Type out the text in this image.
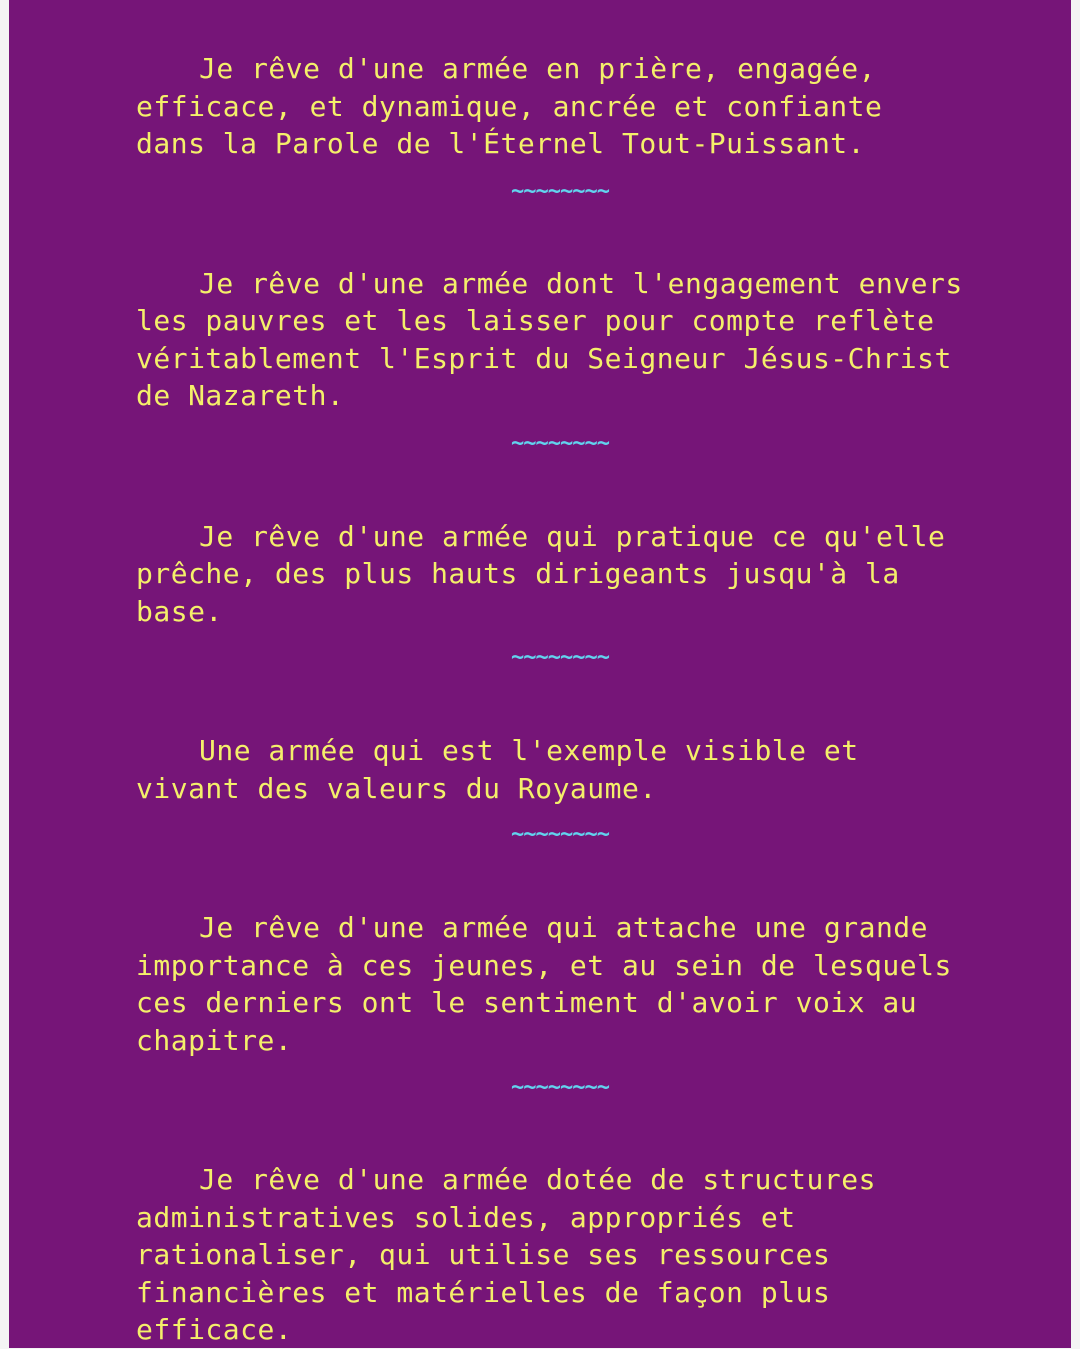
Je rêve d'une armée en prière, engagée, efficace, et dynamique, ancrée et confiante dans la Parole de l'Éternel Tout-Puissant.

~~~~~~~~

Je rêve d'une armée dont l'engagement envers les pauvres et les laisser pour compte reflète véritablement l'Esprit du Seigneur Jésus-Christ de Nazareth.

~~~~~~~~

Je rêve d'une armée qui pratique ce qu'elle prêche, des plus hauts dirigeants jusqu'à la base.

~~~~~~~~

Une armée qui est l'exemple visible et vivant des valeurs du Royaume.

~~~~~~~~

Je rêve d'une armée qui attache une grande importance à ces jeunes, et au sein de lesquels ces derniers ont le sentiment d'avoir voix au chapitre.

~~~~~~~~

Je rêve d'une armée dotée de structures administratives solides, appropriés et rationaliser, qui utilise ses ressources financières et matérielles de façon plus efficace.
